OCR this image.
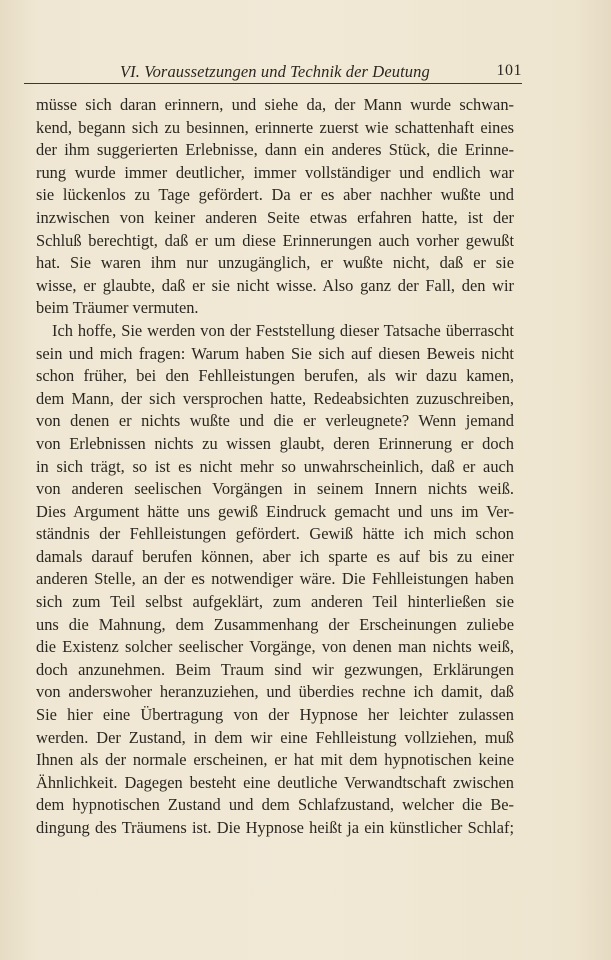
VI. Voraussetzungen und Technik der Deutung	101
müsse sich daran erinnern, und siehe da, der Mann wurde schwan-
kend, begann sich zu besinnen, erinnerte zuerst wie schattenhaft eines
der ihm suggerierten Erlebnisse, dann ein anderes Stück, die Erinne-
rung wurde immer deutlicher, immer vollständiger und endlich war
sie lückenlos zu Tage gefördert. Da er es aber nachher wußte und
inzwischen von keiner anderen Seite etwas erfahren hatte, ist der
Schluß berechtigt, daß er um diese Erinnerungen auch vorher gewußt
hat. Sie waren ihm nur unzugänglich, er wußte nicht, daß er sie
wisse, er glaubte, daß er sie nicht wisse. Also ganz der Fall, den wir
beim Träumer vermuten.
Ich hoffe, Sie werden von der Feststellung dieser Tatsache überrascht
sein und mich fragen: Warum haben Sie sich auf diesen Beweis nicht
schon früher, bei den Fehlleistungen berufen, als wir dazu kamen,
dem Mann, der sich versprochen hatte, Redeabsichten zuzuschreiben,
von denen er nichts wußte und die er verleugnete? Wenn jemand
von Erlebnissen nichts zu wissen glaubt, deren Erinnerung er doch
in sich trägt, so ist es nicht mehr so unwahrscheinlich, daß er auch
von anderen seelischen Vorgängen in seinem Innern nichts weiß.
Dies Argument hätte uns gewiß Eindruck gemacht und uns im Ver-
ständnis der Fehlleistungen gefördert. Gewiß hätte ich mich schon
damals darauf berufen können, aber ich sparte es auf bis zu einer
anderen Stelle, an der es notwendiger wäre. Die Fehlleistungen haben
sich zum Teil selbst aufgeklärt, zum anderen Teil hinterließen sie
uns die Mahnung, dem Zusammenhang der Erscheinungen zuliebe
die Existenz solcher seelischer Vorgänge, von denen man nichts weiß,
doch anzunehmen. Beim Traum sind wir gezwungen, Erklärungen
von anderswoher heranzuziehen, und überdies rechne ich damit, daß
Sie hier eine Übertragung von der Hypnose her leichter zulassen
werden. Der Zustand, in dem wir eine Fehlleistung vollziehen, muß
Ihnen als der normale erscheinen, er hat mit dem hypnotischen keine
Ähnlichkeit. Dagegen besteht eine deutliche Verwandtschaft zwischen
dem hypnotischen Zustand und dem Schlafzustand, welcher die Be-
dingung des Träumens ist. Die Hypnose heißt ja ein künstlicher Schlaf;
